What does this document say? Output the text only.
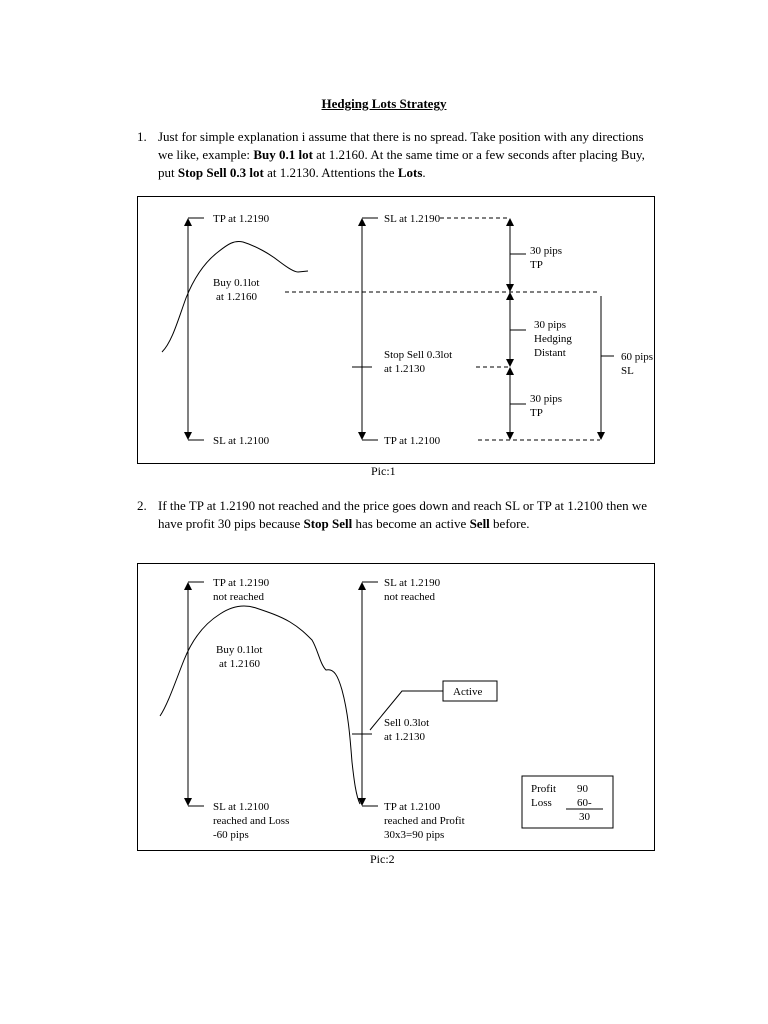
Hedging Lots Strategy
1. Just for simple explanation i assume that there is no spread. Take position with any directions we like, example: Buy 0.1 lot at 1.2160. At the same time or a few seconds after placing Buy, put Stop Sell 0.3 lot at 1.2130. Attentions the Lots.
TP at 1.2190
SL at 1.2100
Buy 0.1lot
at 1.2160
SL at 1.2190
TP at 1.2100
Stop Sell 0.3lot
at 1.2130
30 pips
TP
30 pips
Hedging
Distant
30 pips
TP
60 pips
SL
Pic:1
2. If the TP at 1.2190 not reached and the price goes down and reach SL or TP at 1.2100 then we have profit 30 pips because Stop Sell has become an active Sell before.
TP at 1.2190
not reached
SL at 1.2100
reached and Loss
-60 pips
Buy 0.1lot
at 1.2160
SL at 1.2190
not reached
Active
Sell 0.3lot
at 1.2130
TP at 1.2100
reached and Profit
30x3=90 pips
Profit 90
Loss 60-
30
Pic:2
